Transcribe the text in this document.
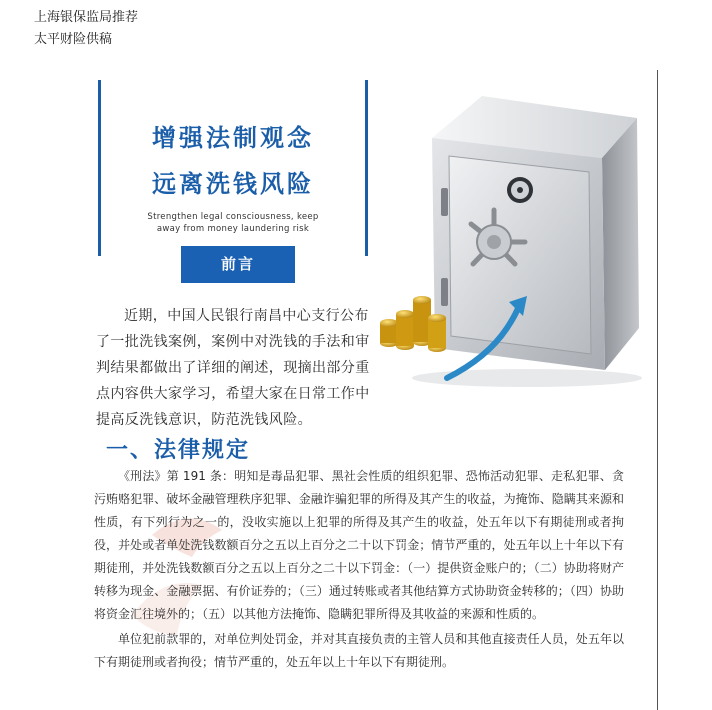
上海银保监局推荐
太平财险供稿
增强法制观念
远离洗钱风险
Strengthen legal consciousness, keep away from money laundering risk
前言
近期，中国人民银行南昌中心支行公布了一批洗钱案例，案例中对洗钱的手法和审判结果都做出了详细的阐述，现摘出部分重点内容供大家学习，希望大家在日常工作中提高反洗钱意识，防范洗钱风险。
一、法律规定

《刑法》第 191 条：明知是毒品犯罪、黑社会性质的组织犯罪、恐怖活动犯罪、走私犯罪、贪污贿赂犯罪、破坏金融管理秩序犯罪、金融诈骗犯罪的所得及其产生的收益，为掩饰、隐瞒其来源和性质，有下列行为之一的，没收实施以上犯罪的所得及其产生的收益，处五年以下有期徒刑或者拘役，并处或者单处洗钱数额百分之五以上百分之二十以下罚金；情节严重的，处五年以上十年以下有期徒刑，并处洗钱数额百分之五以上百分之二十以下罚金：（一）提供资金账户的；（二）协助将财产转移为现金、金融票据、有价证券的；（三）通过转账或者其他结算方式协助资金转移的；（四）协助将资金汇往境外的；（五）以其他方法掩饰、隐瞒犯罪所得及其收益的来源和性质的。

单位犯前款罪的，对单位判处罚金，并对其直接负责的主管人员和其他直接责任人员，处五年以下有期徒刑或者拘役；情节严重的，处五年以上十年以下有期徒刑。
